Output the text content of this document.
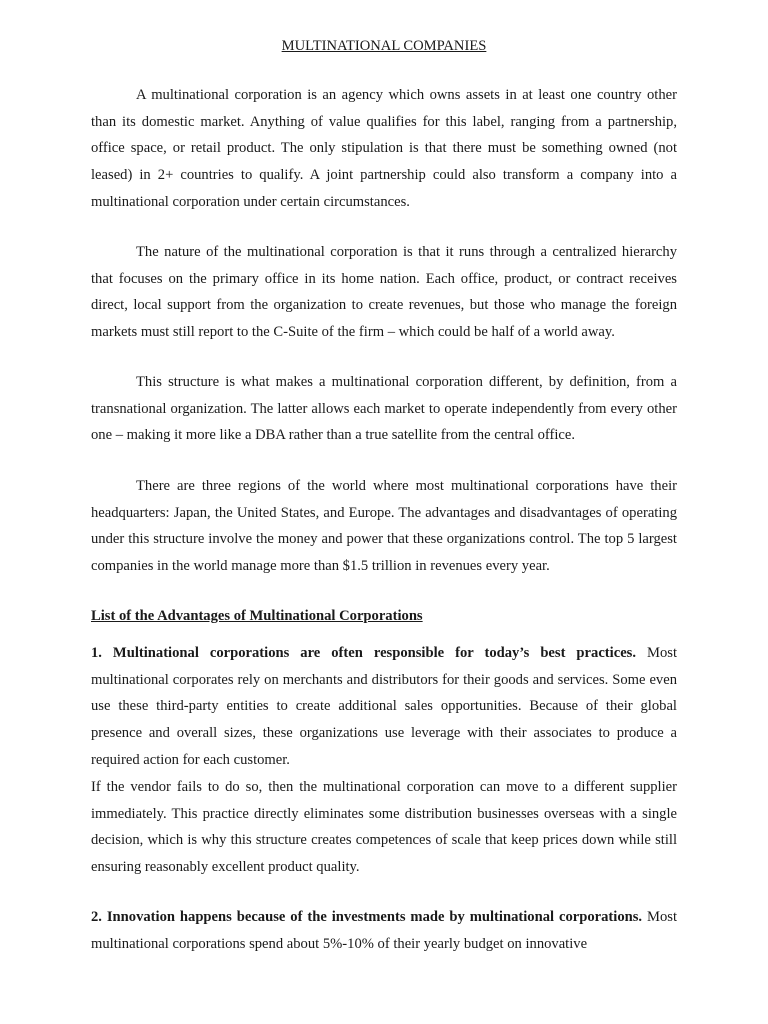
MULTINATIONAL COMPANIES

A multinational corporation is an agency which owns assets in at least one country other than its domestic market. Anything of value qualifies for this label, ranging from a partnership, office space, or retail product. The only stipulation is that there must be something owned (not leased) in 2+ countries to qualify. A joint partnership could also transform a company into a multinational corporation under certain circumstances.

The nature of the multinational corporation is that it runs through a centralized hierarchy that focuses on the primary office in its home nation. Each office, product, or contract receives direct, local support from the organization to create revenues, but those who manage the foreign markets must still report to the C-Suite of the firm – which could be half of a world away.

This structure is what makes a multinational corporation different, by definition, from a transnational organization. The latter allows each market to operate independently from every other one – making it more like a DBA rather than a true satellite from the central office.

There are three regions of the world where most multinational corporations have their headquarters: Japan, the United States, and Europe. The advantages and disadvantages of operating under this structure involve the money and power that these organizations control. The top 5 largest companies in the world manage more than $1.5 trillion in revenues every year.

List of the Advantages of Multinational Corporations

1. Multinational corporations are often responsible for today’s best practices. Most multinational corporates rely on merchants and distributors for their goods and services. Some even use these third-party entities to create additional sales opportunities. Because of their global presence and overall sizes, these organizations use leverage with their associates to produce a required action for each customer.

If the vendor fails to do so, then the multinational corporation can move to a different supplier immediately. This practice directly eliminates some distribution businesses overseas with a single decision, which is why this structure creates competences of scale that keep prices down while still ensuring reasonably excellent product quality.

2. Innovation happens because of the investments made by multinational corporations. Most multinational corporations spend about 5%-10% of their yearly budget on innovative
